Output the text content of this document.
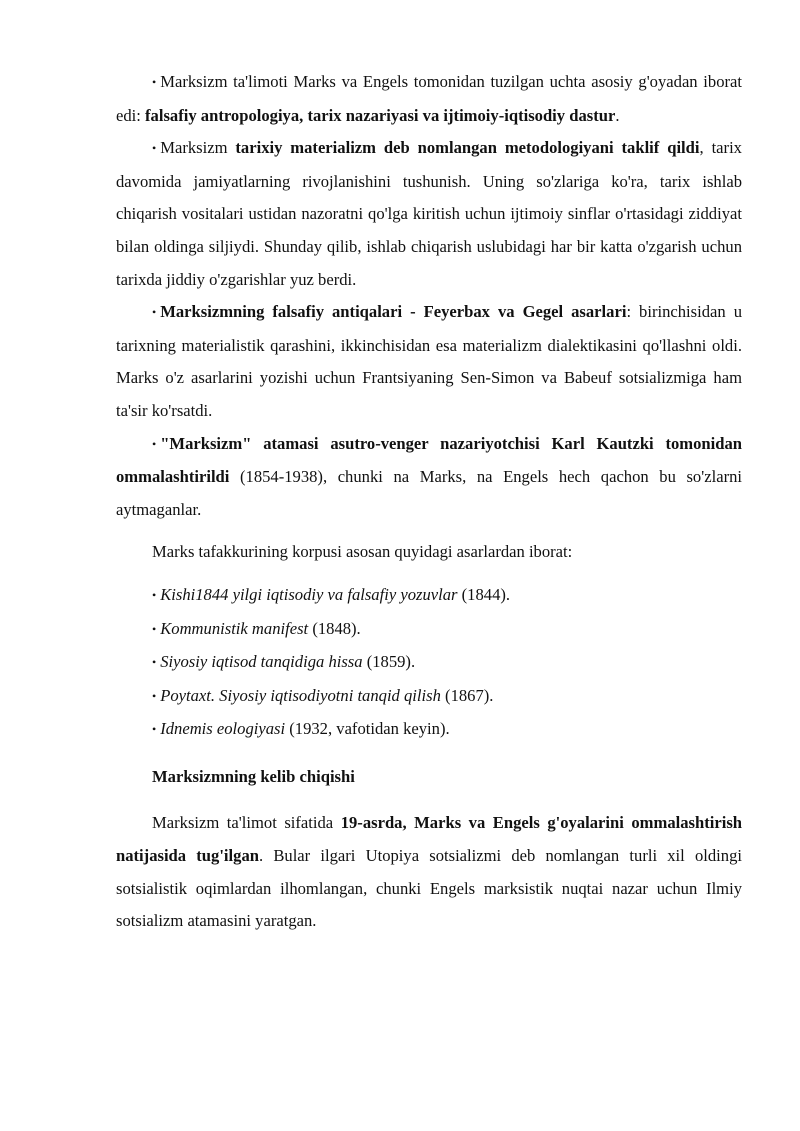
• Marksizm ta'limoti Marks va Engels tomonidan tuzilgan uchta asosiy g'oyadan iborat edi: falsafiy antropologiya, tarix nazariyasi va ijtimoiy-iqtisodiy dastur.

• Marksizm tarixiy materializm deb nomlangan metodologiyani taklif qildi, tarix davomida jamiyatlarning rivojlanishini tushunish. Uning so'zlariga ko'ra, tarix ishlab chiqarish vositalari ustidan nazoratni qo'lga kiritish uchun ijtimoiy sinflar o'rtasidagi ziddiyat bilan oldinga siljiydi. Shunday qilib, ishlab chiqarish uslubidagi har bir katta o'zgarish uchun tarixda jiddiy o'zgarishlar yuz berdi.

• Marksizmning falsafiy antiqalari - Feyerbax va Gegel asarlari: birinchisidan u tarixning materialistik qarashini, ikkinchisidan esa materializm dialektikasini qo'llashni oldi. Marks o'z asarlarini yozishi uchun Frantsiyaning Sen-Simon va Babeuf sotsializmiga ham ta'sir ko'rsatdi.

• "Marksizm" atamasi asutro-venger nazariyotchisi Karl Kautzki tomonidan ommalashtirildi (1854-1938), chunki na Marks, na Engels hech qachon bu so'zlarni aytmaganlar.

Marks tafakkurining korpusi asosan quyidagi asarlardan iborat:

• Kishi1844 yilgi iqtisodiy va falsafiy yozuvlar (1844).
• Kommunistik manifest (1848).
• Siyosiy iqtisod tanqidiga hissa (1859).
• Poytaxt. Siyosiy iqtisodiyotni tanqid qilish (1867).
• Idnemis eologiyasi (1932, vafotidan keyin).
Marksizmning kelib chiqishi

Marksizm ta'limot sifatida 19-asrda, Marks va Engels g'oyalarini ommalashtirish natijasida tug'ilgan. Bular ilgari Utopiya sotsializmi deb nomlangan turli xil oldingi sotsialistik oqimlardan ilhomlangan, chunki Engels marksistik nuqtai nazar uchun Ilmiy sotsializm atamasini yaratgan.
